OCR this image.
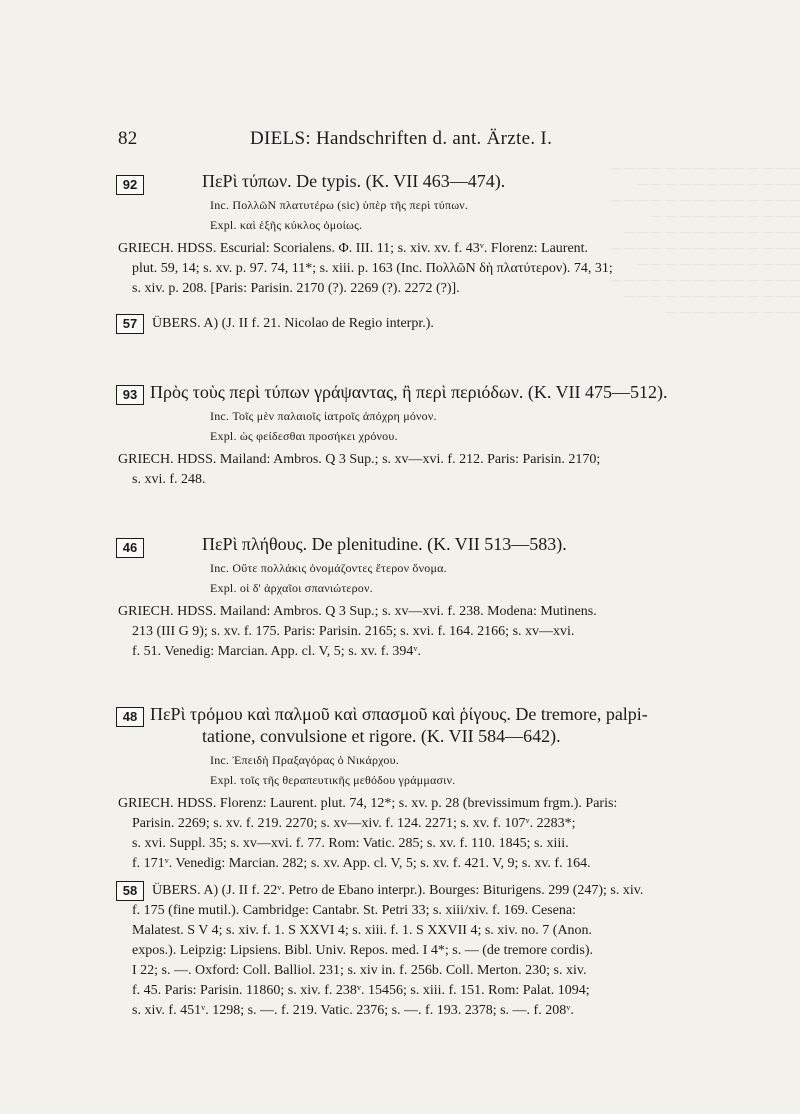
82	DIELS: Handschriften d. ant. Ärzte. I.
— — — — — — — — — — — — — —
— — — — — — — — — — — —
— — — — — — — — — — — — — —
— — — — — — — — — — —
— — — — — — — — — — — — —
— — — — — — — — — — — — — —
— — — — — — — — — — — —
— — — — — — — — — — — — — —
— — — — — — — — — — — — —
— — — — — — — — — —
92	ΠεΡὶ τύπων. De typis. (K. VII 463—474).
Inc. ΠολλῶΝ πλατυτέρω (sic) ὑπὲρ τῆς περὶ τύπων.
Expl. καὶ ἑξῆς κύκλος ὁμοίως.
GRIECH. HDSS. Escurial: Scorialens. Φ. III. 11; s. xiv. xv. f. 43ᵛ. Florenz: Laurent.
plut. 59, 14; s. xv. p. 97. 74, 11*; s. xiii. p. 163 (Inc. ΠολλῶΝ δὴ πλατύτερον). 74, 31;
s. xiv. p. 208. [Paris: Parisin. 2170 (?). 2269 (?). 2272 (?)].
57	ÜBERS. A) (J. II f. 21. Nicolao de Regio interpr.).
93 Πρὸς τοὺς περὶ τύπων γράψαντας, ἢ περὶ περιόδων. (K. VII 475—512).
Inc. Τοῖς μὲν παλαιοῖς ἰατροῖς ἀπόχρη μόνον.
Expl. ὡς φείδεσθαι προσήκει χρόνου.
GRIECH. HDSS. Mailand: Ambros. Q 3 Sup.; s. xv—xvi. f. 212. Paris: Parisin. 2170;
s. xvi. f. 248.
46	ΠεΡὶ πλήθους. De plenitudine. (K. VII 513—583).
Inc. Οὔτε πολλάκις ὀνομάζοντες ἕτερον ὄνομα.
Expl. οἱ δ' ἀρχαῖοι σπανιώτερον.
GRIECH. HDSS. Mailand: Ambros. Q 3 Sup.; s. xv—xvi. f. 238. Modena: Mutinens.
213 (III G 9); s. xv. f. 175. Paris: Parisin. 2165; s. xvi. f. 164. 2166; s. xv—xvi.
f. 51. Venedig: Marcian. App. cl. V, 5; s. xv. f. 394ᵛ.
48 ΠεΡὶ τρόμου καὶ παλμοῦ καὶ σπασμοῦ καὶ ῥίγους. De tremore, palpi-
tatione, convulsione et rigore. (K. VII 584—642).
Inc. Ἐπειδὴ Πραξαγόρας ὁ Νικάρχου.
Expl. τοῖς τῆς θεραπευτικῆς μεθόδου γράμμασιν.
GRIECH. HDSS. Florenz: Laurent. plut. 74, 12*; s. xv. p. 28 (brevissimum frgm.). Paris:
Parisin. 2269; s. xv. f. 219. 2270; s. xv—xiv. f. 124. 2271; s. xv. f. 107ᵛ. 2283*;
s. xvi. Suppl. 35; s. xv—xvi. f. 77. Rom: Vatic. 285; s. xv. f. 110. 1845; s. xiii.
f. 171ᵛ. Venedig: Marcian. 282; s. xv. App. cl. V, 5; s. xv. f. 421. V, 9; s. xv. f. 164.
58	ÜBERS. A) (J. II f. 22ᵛ. Petro de Ebano interpr.). Bourges: Biturigens. 299 (247); s. xiv.
f. 175 (fine mutil.). Cambridge: Cantabr. St. Petri 33; s. xiii/xiv. f. 169. Cesena:
Malatest. S V 4; s. xiv. f. 1. S XXVI 4; s. xiii. f. 1. S XXVII 4; s. xiv. no. 7 (Anon.
expos.). Leipzig: Lipsiens. Bibl. Univ. Repos. med. I 4*; s. — (de tremore cordis).
I 22; s. —. Oxford: Coll. Balliol. 231; s. xiv in. f. 256b. Coll. Merton. 230; s. xiv.
f. 45. Paris: Parisin. 11860; s. xiv. f. 238ᵛ. 15456; s. xiii. f. 151. Rom: Palat. 1094;
s. xiv. f. 451ᵛ. 1298; s. —. f. 219. Vatic. 2376; s. —. f. 193. 2378; s. —. f. 208ᵛ.
